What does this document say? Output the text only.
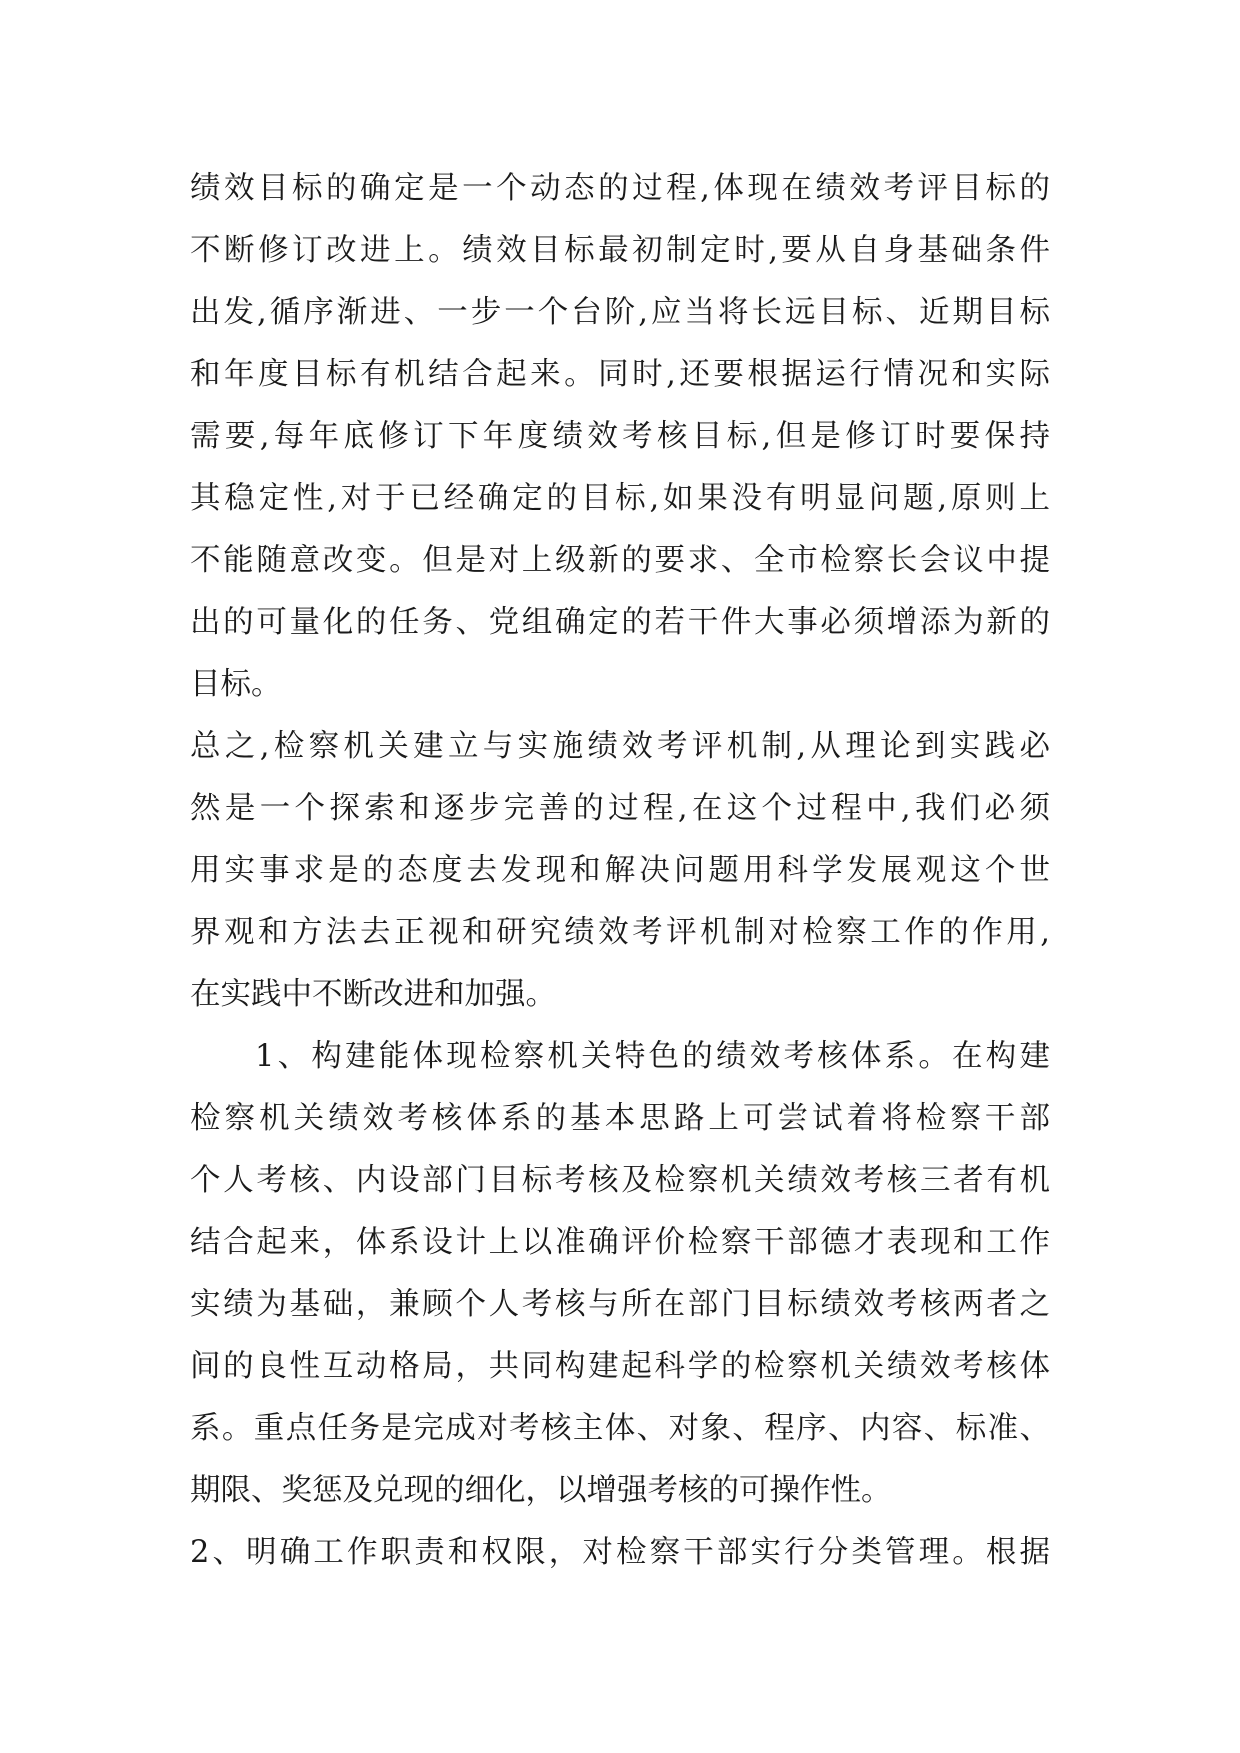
绩效目标的确定是一个动态的过程,体现在绩效考评目标的
不断修订改进上。绩效目标最初制定时,要从自身基础条件
出发,循序渐进、一步一个台阶,应当将长远目标、近期目标
和年度目标有机结合起来。同时,还要根据运行情况和实际
需要,每年底修订下年度绩效考核目标,但是修订时要保持
其稳定性,对于已经确定的目标,如果没有明显问题,原则上
不能随意改变。但是对上级新的要求、全市检察长会议中提
出的可量化的任务、党组确定的若干件大事必须增添为新的
目标。
总之,检察机关建立与实施绩效考评机制,从理论到实践必
然是一个探索和逐步完善的过程,在这个过程中,我们必须
用实事求是的态度去发现和解决问题用科学发展观这个世
界观和方法去正视和研究绩效考评机制对检察工作的作用,
在实践中不断改进和加强。
1、构建能体现检察机关特色的绩效考核体系。在构建
检察机关绩效考核体系的基本思路上可尝试着将检察干部
个人考核、内设部门目标考核及检察机关绩效考核三者有机
结合起来，体系设计上以准确评价检察干部德才表现和工作
实绩为基础，兼顾个人考核与所在部门目标绩效考核两者之
间的良性互动格局，共同构建起科学的检察机关绩效考核体
系。重点任务是完成对考核主体、对象、程序、内容、标准、
期限、奖惩及兑现的细化，以增强考核的可操作性。
2、明确工作职责和权限，对检察干部实行分类管理。根据
